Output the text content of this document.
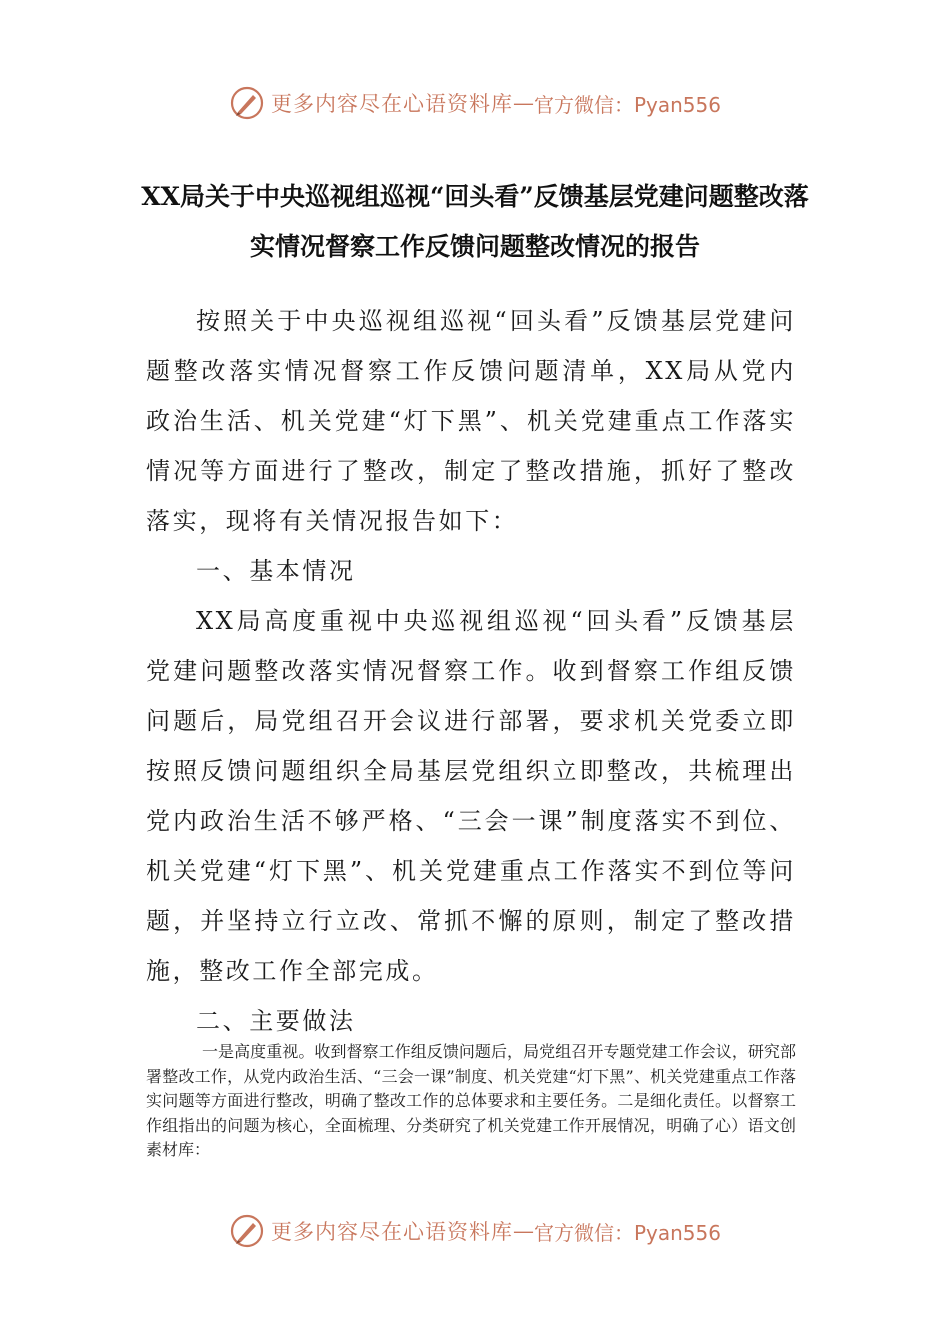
更多内容尽在心语资料库 — 官方微信：Pyan556
XX局关于中央巡视组巡视“回头看”反馈基层党建问题整改落实情况督察工作反馈问题整改情况的报告

按照关于中央巡视组巡视“回头看”反馈基层党建问题整改落实情况督察工作反馈问题清单，XX局从党内政治生活、机关党建“灯下黑”、机关党建重点工作落实情况等方面进行了整改，制定了整改措施，抓好了整改落实，现将有关情况报告如下：

一、基本情况

XX局高度重视中央巡视组巡视“回头看”反馈基层党建问题整改落实情况督察工作。收到督察工作组反馈问题后，局党组召开会议进行部署，要求机关党委立即按照反馈问题组织全局基层党组织立即整改，共梳理出党内政治生活不够严格、“三会一课”制度落实不到位、机关党建“灯下黑”、机关党建重点工作落实不到位等问题，并坚持立行立改、常抓不懈的原则，制定了整改措施，整改工作全部完成。

二、主要做法

一是高度重视。收到督察工作组反馈问题后，局党组召开专题党建工作会议，研究部署整改工作，从党内政治生活、“三会一课”制度、机关党建“灯下黑”、机关党建重点工作落实问题等方面进行整改，明确了整改工作的总体要求和主要任务。二是细化责任。以督察工作组指出的问题为核心，全面梳理、分类研究了机关党建工作开展情况，明确了心）语文创素材库：

更多内容尽在心语资料库 — 官方微信：Pyan556
